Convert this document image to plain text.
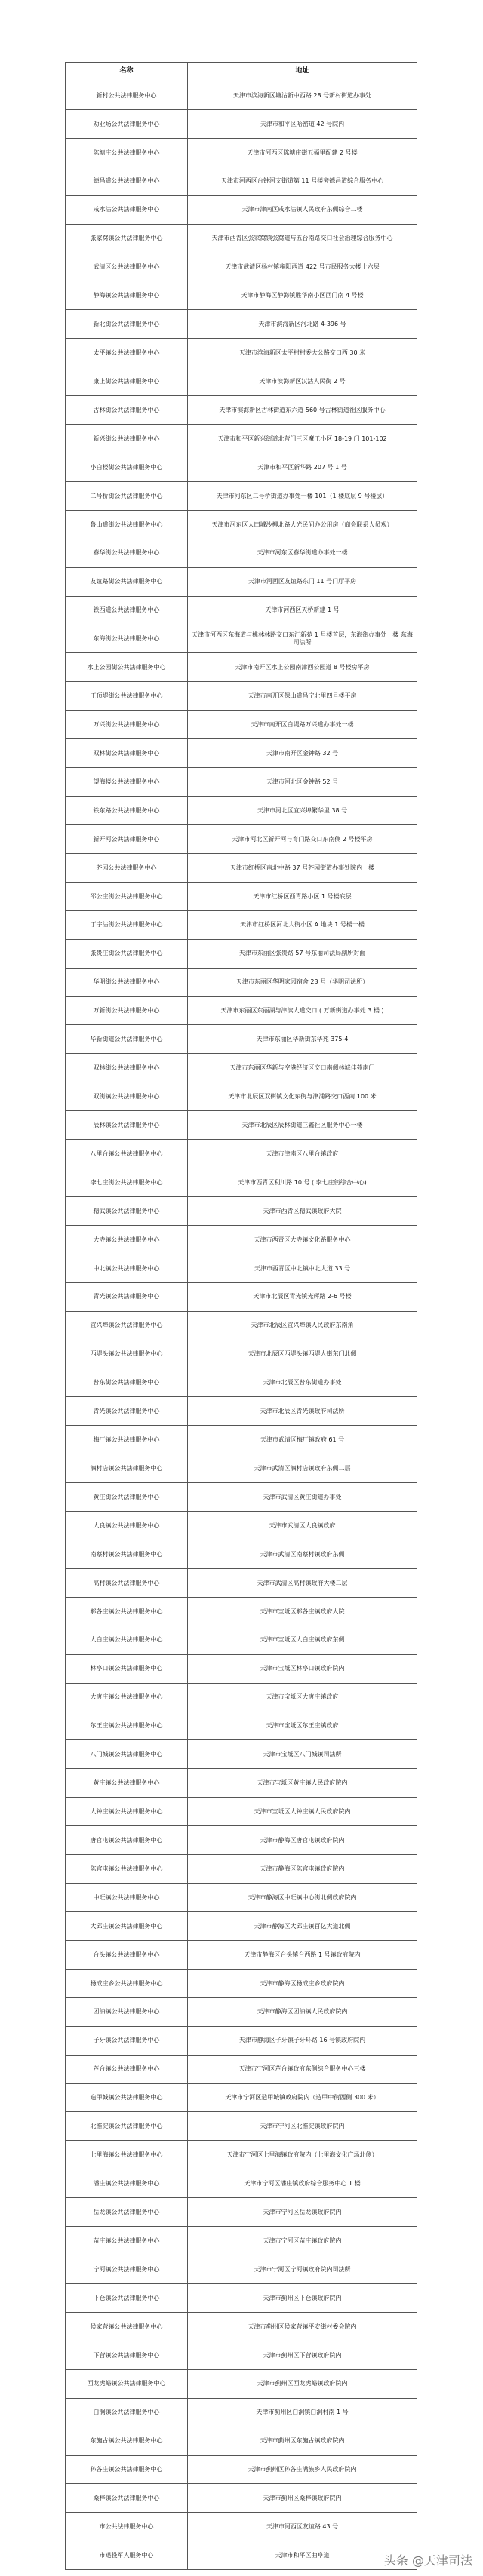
名称	地址
新村公共法律服务中心	天津市滨海新区塘沽新中西路 28 号新村街道办事处
劝业场公共法律服务中心	天津市和平区哈密道 42 号院内
陈塘庄公共法律服务中心	天津市河西区陈塘庄街五福里配建 2 号楼
德昌道公共法律服务中心	天津市河西区台钟河支街道第 11 号楼旁德昌道综合服务中心
咸水沽公共法律服务中心	天津市津南区咸水沽镇人民政府东侧综合二楼
张家窝镇公共法律服务中心	天津市西青区张家窝镇张窝道与五台南路交口社会治理综合服务中心
武清区公共法律服务中心	天津市武清区杨村镇雍阳西道 422 号市民服务大楼十六层
静海镇公共法律服务中心	天津市静海区静海镇胜华南小区西门南 4 号楼
新北街公共法律服务中心	天津市滨海新区河北路 4-396 号
太平镇公共法律服务中心	天津市滨海新区太平村村委大公路交口西 30 米
康上街公共法律服务中心	天津市滨海新区汉沽人民街 2 号
古林街公共法律服务中心	天津市滨海新区古林街道东六道 560 号古林街道社区服务中心
新兴街公共法律服务中心	天津市和平区新兴街道北营门三区魔工小区 18-19 门 101-102
小白楼街公共法律服务中心	天津市和平区新华路 207 号 1 号
二号桥街公共法律服务中心	天津市河东区二号桥街道办事处一楼 101（1 楼底层 9 号楼层）
鲁山道街公共法律服务中心	天津市河东区大田城沙柳北路大光民间办公用房（商会联系人员观）
春华街公共法律服务中心	天津市河东区春华街道办事处一楼
友谊路街公共法律服务中心	天津市河西区友谊路东门 11 号门厅平房
铁西道公共法律服务中心	天津市河西区天桥新建 1 号
东海街公共法律服务中心	天津市河西区东海道与桃林林路交口东汇新苑 1 号楼首层，东海街办事处一楼 东海司法所
水上公园街公共法律服务中心	天津市南开区水上公园南津西公园道 8 号楼房平房
王顶堤街公共法律服务中心	天津市南开区保山道昌宁北里四号楼平房
万兴街公共法律服务中心	天津市南开区白堤路万兴道办事处一楼
双林街公共法律服务中心	天津市南开区金钟路 32 号
望海楼公共法律服务中心	天津市河北区金钟路 52 号
铁东路公共法律服务中心	天津市河北区宜兴埠繁华里 38 号
新开河公共法律服务中心	天津市河北区新开河与育门路交口东南侧 2 号楼平房
芥园公共法律服务中心	天津市红桥区南北中路 37 号芥园街道办事处院内一楼
邵公庄街公共法律服务中心	天津市红桥区西青路小区 1 号楼底层
丁字沽街公共法律服务中心	天津市红桥区河北大街小区 A 地块 1 号楼一楼
张贵庄街公共法律服务中心	天津市东丽区张贵路 57 号东丽司法局副所对面
华明街公共法律服务中心	天津市东丽区华明家园宿舍 23 号（华明司法所）
万新街公共法律服务中心	天津市东丽区东丽湖与津滨大道交口 ( 万新街道办事处 3 楼 )
华新街道公共法律服务中心	天津市东丽区华新街东华苑 375-4
双林街公共法律服务中心	天津市东丽区华新与空港经济区交口南侧林城佳苑南门
双街镇公共法律服务中心	天津市北辰区双街镇文化东街与津浦路交口西南 100 米
辰林镇公共法律服务中心	天津市北辰区辰林街道三鑫社区服务中心一楼
八里台镇公共法律服务中心	天津市津南区八里台镇政府
李七庄街公共法律服务中心	天津市西青区利川路 10 号 ( 李七庄街综合中心)
精武镇公共法律服务中心	天津市西青区精武镇政府大院
大寺镇公共法律服务中心	天津市西青区大寺镇文化路服务中心
中北镇公共法律服务中心	天津市西青区中北镇中北大道 33 号
青光镇公共法律服务中心	天津市北辰区青光镇光辉路 2-6 号楼
宜兴埠镇公共法律服务中心	天津市北辰区宜兴埠镇人民政府东南角
西堤头镇公共法律服务中心	天津市北辰区西堤头镇西堤大街东门北侧
普东街公共法律服务中心	天津市北辰区普东街道办事处
青光镇公共法律服务中心	天津市北辰区青光镇政府司法所
梅厂镇公共法律服务中心	天津市武清区梅厂镇政府 61 号
泗村店镇公共法律服务中心	天津市武清区泗村店镇政府东侧二层
黄庄街公共法律服务中心	天津市武清区黄庄街道办事处
大良镇公共法律服务中心	天津市武清区大良镇政府
南蔡村镇公共法律服务中心	天津市武清区南蔡村镇政府东侧
高村镇公共法律服务中心	天津市武清区高村镇政府大楼二层
郝各庄镇公共法律服务中心	天津市宝坻区郝各庄镇政府大院
大白庄镇公共法律服务中心	天津市宝坻区大白庄镇政府东侧
林亭口镇公共法律服务中心	天津市宝坻区林亭口镇政府院内
大唐庄镇公共法律服务中心	天津市宝坻区大唐庄镇政府
尔王庄镇公共法律服务中心	天津市宝坻区尔王庄镇政府
八门城镇公共法律服务中心	天津市宝坻区八门城镇司法所
黄庄镇公共法律服务中心	天津市宝坻区黄庄镇人民政府院内
大钟庄镇公共法律服务中心	天津市宝坻区大钟庄镇人民政府院内
唐官屯镇公共法律服务中心	天津市静海区唐官屯镇政府院内
陈官屯镇公共法律服务中心	天津市静海区陈官屯镇政府院内
中旺镇公共法律服务中心	天津市静海区中旺镇中心街北侧政府院内
大邱庄镇公共法律服务中心	天津市静海区大邱庄镇百亿大道北侧
台头镇公共法律服务中心	天津市静海区台头镇台西路 1 号镇政府院内
杨成庄乡公共法律服务中心	天津市静海区杨成庄乡政府院内
团泊镇公共法律服务中心	天津市静海区团泊镇人民政府院内
子牙镇公共法律服务中心	天津市静海区子牙镇子牙环路 16 号镇政府院内
芦台镇公共法律服务中心	天津市宁河区芦台镇政府东侧综合服务中心三楼
造甲城镇公共法律服务中心	天津市宁河区造甲城镇政府院内（造甲中街西侧 300 米）
北淮淀镇公共法律服务中心	天津市宁河区北淮淀镇政府院内
七里海镇公共法律服务中心	天津市宁河区七里海镇政府院内（七里海文化广场北侧）
潘庄镇公共法律服务中心	天津市宁河区潘庄镇政府综合服务中心 1 楼
岳龙镇公共法律服务中心	天津市宁河区岳龙镇政府院内
苗庄镇公共法律服务中心	天津市宁河区苗庄镇政府院内
宁河镇公共法律服务中心	天津市宁河区宁河镇政府院内司法所
下仓镇公共法律服务中心	天津市蓟州区下仓镇政府院内
侯家营镇公共法律服务中心	天津市蓟州区侯家营镇平安街村委会院内
下营镇公共法律服务中心	天津市蓟州区下营镇政府院内
西龙虎峪镇公共法律服务中心	天津市蓟州区西龙虎峪镇政府院内
白涧镇公共法律服务中心	天津市蓟州区白涧镇白涧村南 1 号
东施古镇公共法律服务中心	天津市蓟州区东施古镇政府院内
孙各庄镇公共法律服务中心	天津市蓟州区孙各庄满族乡人民政府院内
桑梓镇公共法律服务中心	天津市蓟州区桑梓镇政府院内
市公共法律服务中心	天津市河西区友谊路 43 号
市退役军人服务中心	天津市和平区曲阜道	头条 @天津司法
